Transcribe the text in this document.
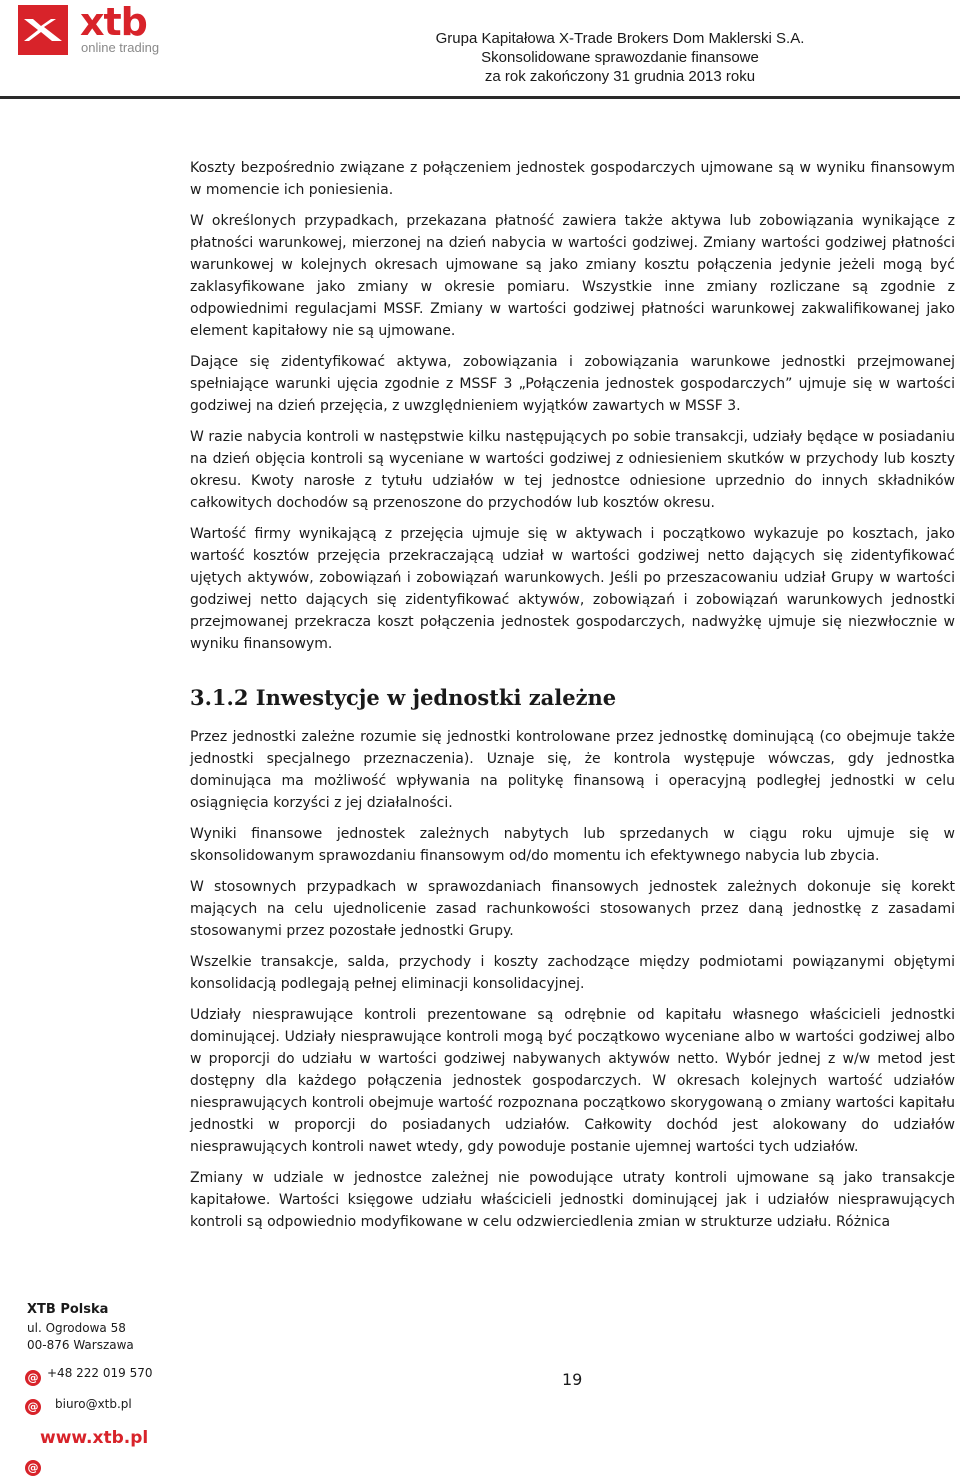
xtb
online trading
Grupa Kapitałowa X-Trade Brokers Dom Maklerski S.A.
Skonsolidowane sprawozdanie finansowe
za rok zakończony 31 grudnia 2013 roku

Koszty bezpośrednio związane z połączeniem jednostek gospodarczych ujmowane są w wyniku finansowym w momencie ich poniesienia.

W określonych przypadkach, przekazana płatność zawiera także aktywa lub zobowiązania wynikające z płatności warunkowej, mierzonej na dzień nabycia w wartości godziwej. Zmiany wartości godziwej płatności warunkowej w kolejnych okresach ujmowane są jako zmiany kosztu połączenia jedynie jeżeli mogą być zaklasyfikowane jako zmiany w okresie pomiaru. Wszystkie inne zmiany rozliczane są zgodnie z odpowiednimi regulacjami MSSF. Zmiany w wartości godziwej płatności warunkowej zakwalifikowanej jako element kapitałowy nie są ujmowane.

Dające się zidentyfikować aktywa, zobowiązania i zobowiązania warunkowe jednostki przejmowanej spełniające warunki ujęcia zgodnie z MSSF 3 „Połączenia jednostek gospodarczych” ujmuje się w wartości godziwej na dzień przejęcia, z uwzględnieniem wyjątków zawartych w MSSF 3.

W razie nabycia kontroli w następstwie kilku następujących po sobie transakcji, udziały będące w posiadaniu na dzień objęcia kontroli są wyceniane w wartości godziwej z odniesieniem skutków w przychody lub koszty okresu. Kwoty narosłe z tytułu udziałów w tej jednostce odniesione uprzednio do innych składników całkowitych dochodów są przenoszone do przychodów lub kosztów okresu.

Wartość firmy wynikającą z przejęcia ujmuje się w aktywach i początkowo wykazuje po kosztach, jako wartość kosztów przejęcia przekraczającą udział w wartości godziwej netto dających się zidentyfikować ujętych aktywów, zobowiązań i zobowiązań warunkowych. Jeśli po przeszacowaniu udział Grupy w wartości godziwej netto dających się zidentyfikować aktywów, zobowiązań i zobowiązań warunkowych jednostki przejmowanej przekracza koszt połączenia jednostek gospodarczych, nadwyżkę ujmuje się niezwłocznie w wyniku finansowym.

3.1.2 Inwestycje w jednostki zależne

Przez jednostki zależne rozumie się jednostki kontrolowane przez jednostkę dominującą (co obejmuje także jednostki specjalnego przeznaczenia). Uznaje się, że kontrola występuje wówczas, gdy jednostka dominująca ma możliwość wpływania na politykę finansową i operacyjną podległej jednostki w celu osiągnięcia korzyści z jej działalności.

Wyniki finansowe jednostek zależnych nabytych lub sprzedanych w ciągu roku ujmuje się w skonsolidowanym sprawozdaniu finansowym od/do momentu ich efektywnego nabycia lub zbycia.

W stosownych przypadkach w sprawozdaniach finansowych jednostek zależnych dokonuje się korekt mających na celu ujednolicenie zasad rachunkowości stosowanych przez daną jednostkę z zasadami stosowanymi przez pozostałe jednostki Grupy.

Wszelkie transakcje, salda, przychody i koszty zachodzące między podmiotami powiązanymi objętymi konsolidacją podlegają pełnej eliminacji konsolidacyjnej.

Udziały niesprawujące kontroli prezentowane są odrębnie od kapitału własnego właścicieli jednostki dominującej. Udziały niesprawujące kontroli mogą być początkowo wyceniane albo w wartości godziwej albo w proporcji do udziału w wartości godziwej nabywanych aktywów netto. Wybór jednej z w/w metod jest dostępny dla każdego połączenia jednostek gospodarczych. W okresach kolejnych wartość udziałów niesprawujących kontroli obejmuje wartość rozpoznana początkowo skorygowaną o zmiany wartości kapitału jednostki w proporcji do posiadanych udziałów. Całkowity dochód jest alokowany do udziałów niesprawujących kontroli nawet wtedy, gdy powoduje postanie ujemnej wartości tych udziałów.

Zmiany w udziale w jednostce zależnej nie powodujące utraty kontroli ujmowane są jako transakcje kapitałowe. Wartości księgowe udziału właścicieli jednostki dominującej jak i udziałów niesprawujących kontroli są odpowiednio modyfikowane w celu odzwierciedlenia zmian w strukturze udziału. Różnica

XTB Polska
ul. Ogrodowa 58
00-876 Warszawa
@ +48 222 019 570
@ biuro@xtb.pl
www.xtb.pl
@
19
